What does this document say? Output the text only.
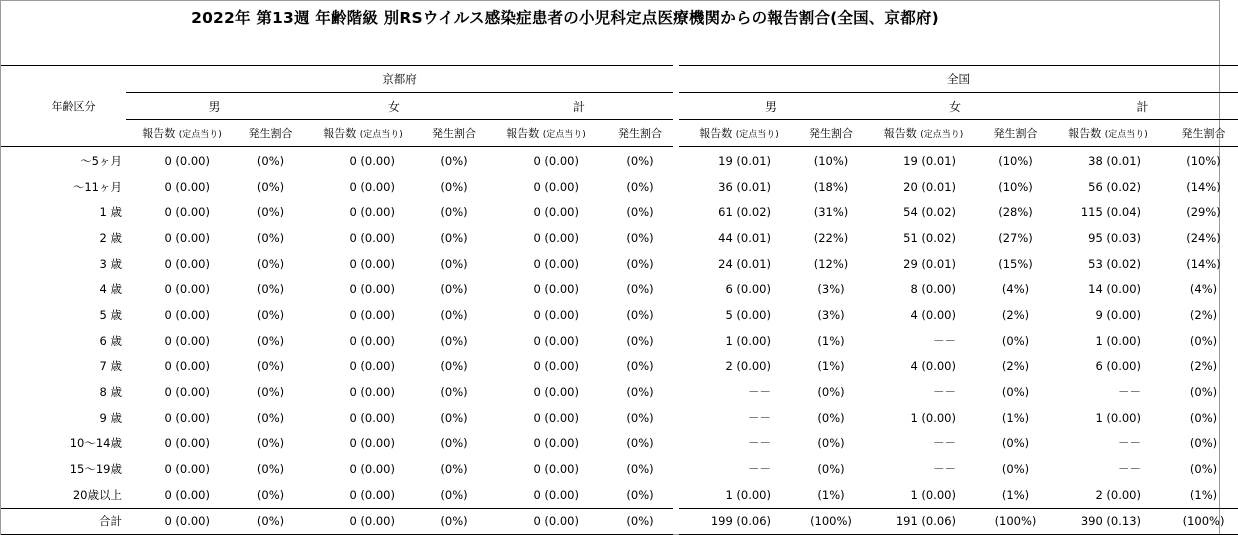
2022年 第13週 年齢階級 別RSウイルス感染症患者の小児科定点医療機関からの報告割合(全国、京都府)
年齢区分	京都府							全国					
	男		女		計			男		女		計	
	報告数 (定点当り)	発生割合	報告数 (定点当り)	発生割合	報告数 (定点当り)	発生割合		報告数 (定点当り)	発生割合	報告数 (定点当り)	発生割合	報告数 (定点当り)	発生割合
～5ヶ月	0 (0.00)	(0%)	0 (0.00)	(0%)	0 (0.00)	(0%)		19 (0.01)	(10%)	19 (0.01)	(10%)	38 (0.01)	(10%)
～11ヶ月	0 (0.00)	(0%)	0 (0.00)	(0%)	0 (0.00)	(0%)		36 (0.01)	(18%)	20 (0.01)	(10%)	56 (0.02)	(14%)
1 歳	0 (0.00)	(0%)	0 (0.00)	(0%)	0 (0.00)	(0%)		61 (0.02)	(31%)	54 (0.02)	(28%)	115 (0.04)	(29%)
2 歳	0 (0.00)	(0%)	0 (0.00)	(0%)	0 (0.00)	(0%)		44 (0.01)	(22%)	51 (0.02)	(27%)	95 (0.03)	(24%)
3 歳	0 (0.00)	(0%)	0 (0.00)	(0%)	0 (0.00)	(0%)		24 (0.01)	(12%)	29 (0.01)	(15%)	53 (0.02)	(14%)
4 歳	0 (0.00)	(0%)	0 (0.00)	(0%)	0 (0.00)	(0%)		6 (0.00)	(3%)	8 (0.00)	(4%)	14 (0.00)	(4%)
5 歳	0 (0.00)	(0%)	0 (0.00)	(0%)	0 (0.00)	(0%)		5 (0.00)	(3%)	4 (0.00)	(2%)	9 (0.00)	(2%)
6 歳	0 (0.00)	(0%)	0 (0.00)	(0%)	0 (0.00)	(0%)		1 (0.00)	(1%)	－－	(0%)	1 (0.00)	(0%)
7 歳	0 (0.00)	(0%)	0 (0.00)	(0%)	0 (0.00)	(0%)		2 (0.00)	(1%)	4 (0.00)	(2%)	6 (0.00)	(2%)
8 歳	0 (0.00)	(0%)	0 (0.00)	(0%)	0 (0.00)	(0%)		－－	(0%)	－－	(0%)	－－	(0%)
9 歳	0 (0.00)	(0%)	0 (0.00)	(0%)	0 (0.00)	(0%)		－－	(0%)	1 (0.00)	(1%)	1 (0.00)	(0%)
10～14歳	0 (0.00)	(0%)	0 (0.00)	(0%)	0 (0.00)	(0%)		－－	(0%)	－－	(0%)	－－	(0%)
15～19歳	0 (0.00)	(0%)	0 (0.00)	(0%)	0 (0.00)	(0%)		－－	(0%)	－－	(0%)	－－	(0%)
20歳以上	0 (0.00)	(0%)	0 (0.00)	(0%)	0 (0.00)	(0%)		1 (0.00)	(1%)	1 (0.00)	(1%)	2 (0.00)	(1%)
合計	0 (0.00)	(0%)	0 (0.00)	(0%)	0 (0.00)	(0%)		199 (0.06)	(100%)	191 (0.06)	(100%)	390 (0.13)	(100%)
